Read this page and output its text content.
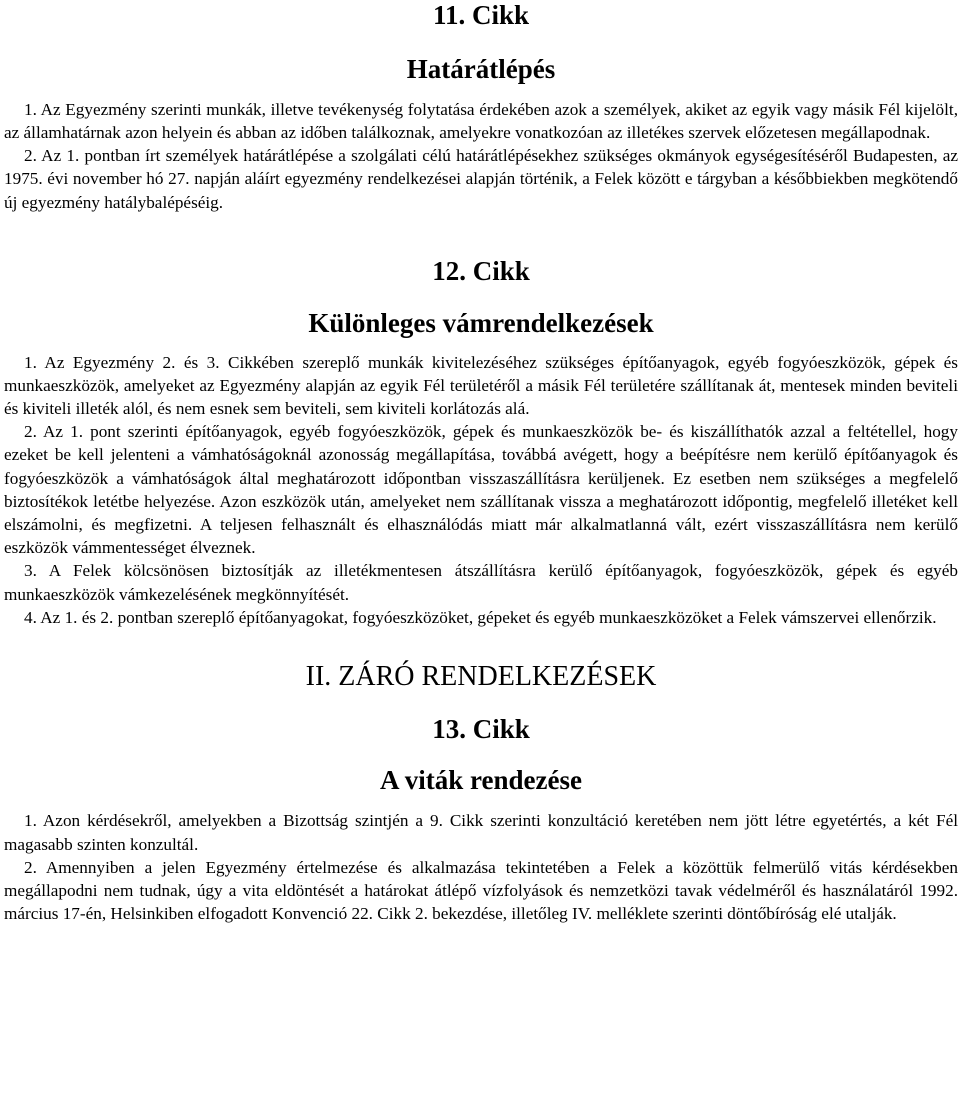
11. Cikk
Határátlépés

1. Az Egyezmény szerinti munkák, illetve tevékenység folytatása érdekében azok a személyek, akiket az egyik vagy másik Fél kijelölt, az államhatárnak azon helyein és abban az időben találkoznak, amelyekre vonatkozóan az illetékes szervek előzetesen megállapodnak.

2. Az 1. pontban írt személyek határátlépése a szolgálati célú határátlépésekhez szükséges okmányok egységesítéséről Budapesten, az 1975. évi november hó 27. napján aláírt egyezmény rendelkezései alapján történik, a Felek között e tárgyban a későbbiekben megkötendő új egyezmény hatálybalépéséig.

12. Cikk
Különleges vámrendelkezések

1. Az Egyezmény 2. és 3. Cikkében szereplő munkák kivitelezéséhez szükséges építőanyagok, egyéb fogyóeszközök, gépek és munkaeszközök, amelyeket az Egyezmény alapján az egyik Fél területéről a másik Fél területére szállítanak át, mentesek minden beviteli és kiviteli illeték alól, és nem esnek sem beviteli, sem kiviteli korlátozás alá.

2. Az 1. pont szerinti építőanyagok, egyéb fogyóeszközök, gépek és munkaeszközök be- és kiszállíthatók azzal a feltétellel, hogy ezeket be kell jelenteni a vámhatóságoknál azonosság megállapítása, továbbá avégett, hogy a beépítésre nem kerülő építőanyagok és fogyóeszközök a vámhatóságok által meghatározott időpontban visszaszállításra kerüljenek. Ez esetben nem szükséges a megfelelő biztosítékok letétbe helyezése. Azon eszközök után, amelyeket nem szállítanak vissza a meghatározott időpontig, megfelelő illetéket kell elszámolni, és megfizetni. A teljesen felhasznált és elhasználódás miatt már alkalmatlanná vált, ezért visszaszállításra nem kerülő eszközök vámmentességet élveznek.

3. A Felek kölcsönösen biztosítják az illetékmentesen átszállításra kerülő építőanyagok, fogyóeszközök, gépek és egyéb munkaeszközök vámkezelésének megkönnyítését.

4. Az 1. és 2. pontban szereplő építőanyagokat, fogyóeszközöket, gépeket és egyéb munkaeszközöket a Felek vámszervei ellenőrzik.

II. ZÁRÓ RENDELKEZÉSEK
13. Cikk
A viták rendezése

1. Azon kérdésekről, amelyekben a Bizottság szintjén a 9. Cikk szerinti konzultáció keretében nem jött létre egyetértés, a két Fél magasabb szinten konzultál.

2. Amennyiben a jelen Egyezmény értelmezése és alkalmazása tekintetében a Felek a közöttük felmerülő vitás kérdésekben megállapodni nem tudnak, úgy a vita eldöntését a határokat átlépő vízfolyások és nemzetközi tavak védelméről és használatáról 1992. március 17-én, Helsinkiben elfogadott Konvenció 22. Cikk 2. bekezdése, illetőleg IV. melléklete szerinti döntőbíróság elé utalják.
